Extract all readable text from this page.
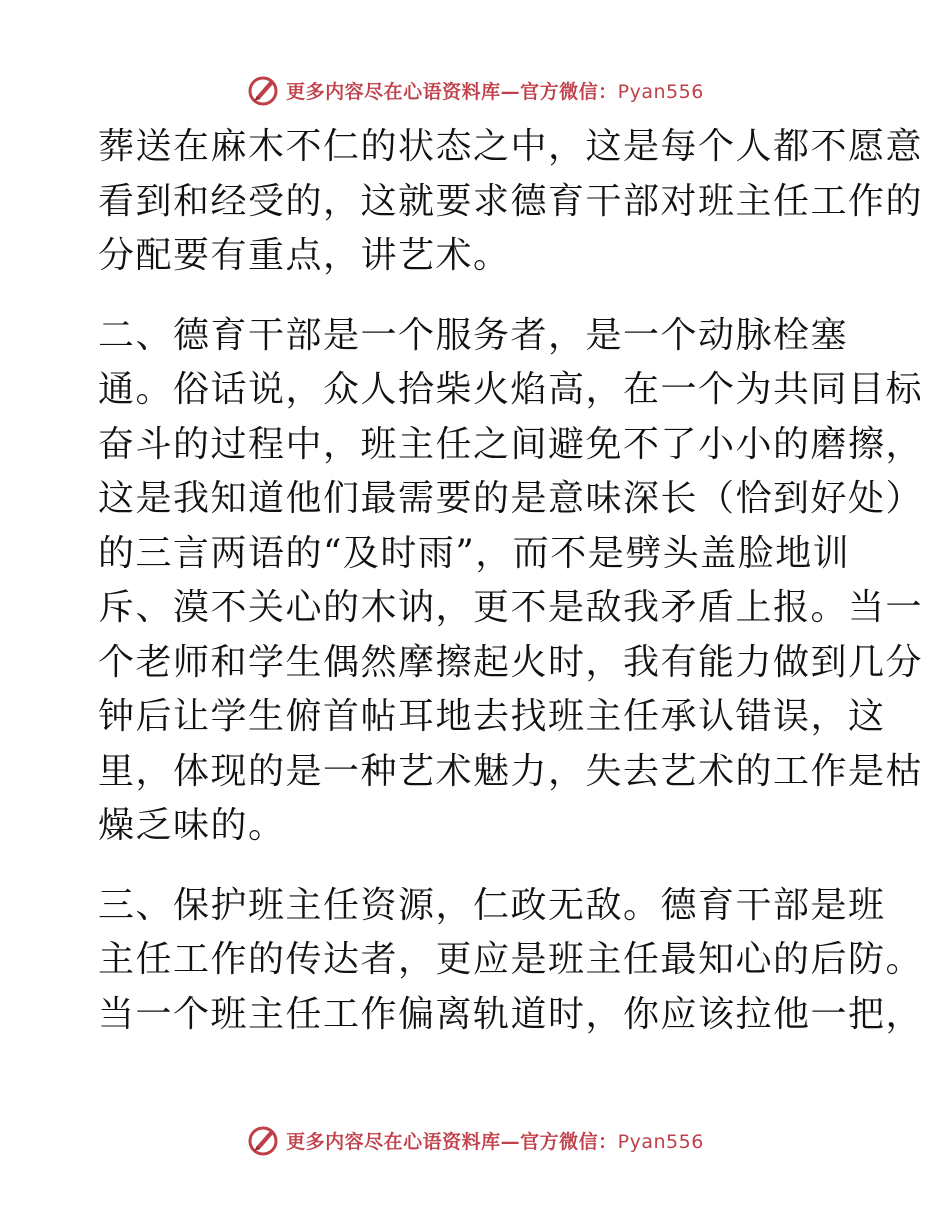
更多内容尽在心语资料库—官方微信：Pyan556
葬送在麻木不仁的状态之中，这是每个人都不愿意
看到和经受的，这就要求德育干部对班主任工作的
分配要有重点，讲艺术。
二、德育干部是一个服务者，是一个动脉栓塞
通。俗话说，众人拾柴火焰高，在一个为共同目标
奋斗的过程中，班主任之间避免不了小小的磨擦，
这是我知道他们最需要的是意味深长（恰到好处）
的三言两语的“及时雨”，而不是劈头盖脸地训
斥、漠不关心的木讷，更不是敌我矛盾上报。当一
个老师和学生偶然摩擦起火时，我有能力做到几分
钟后让学生俯首帖耳地去找班主任承认错误，这
里，体现的是一种艺术魅力，失去艺术的工作是枯
燥乏味的。
三、保护班主任资源，仁政无敌。德育干部是班
主任工作的传达者，更应是班主任最知心的后防。
当一个班主任工作偏离轨道时，你应该拉他一把，
更多内容尽在心语资料库—官方微信：Pyan556
